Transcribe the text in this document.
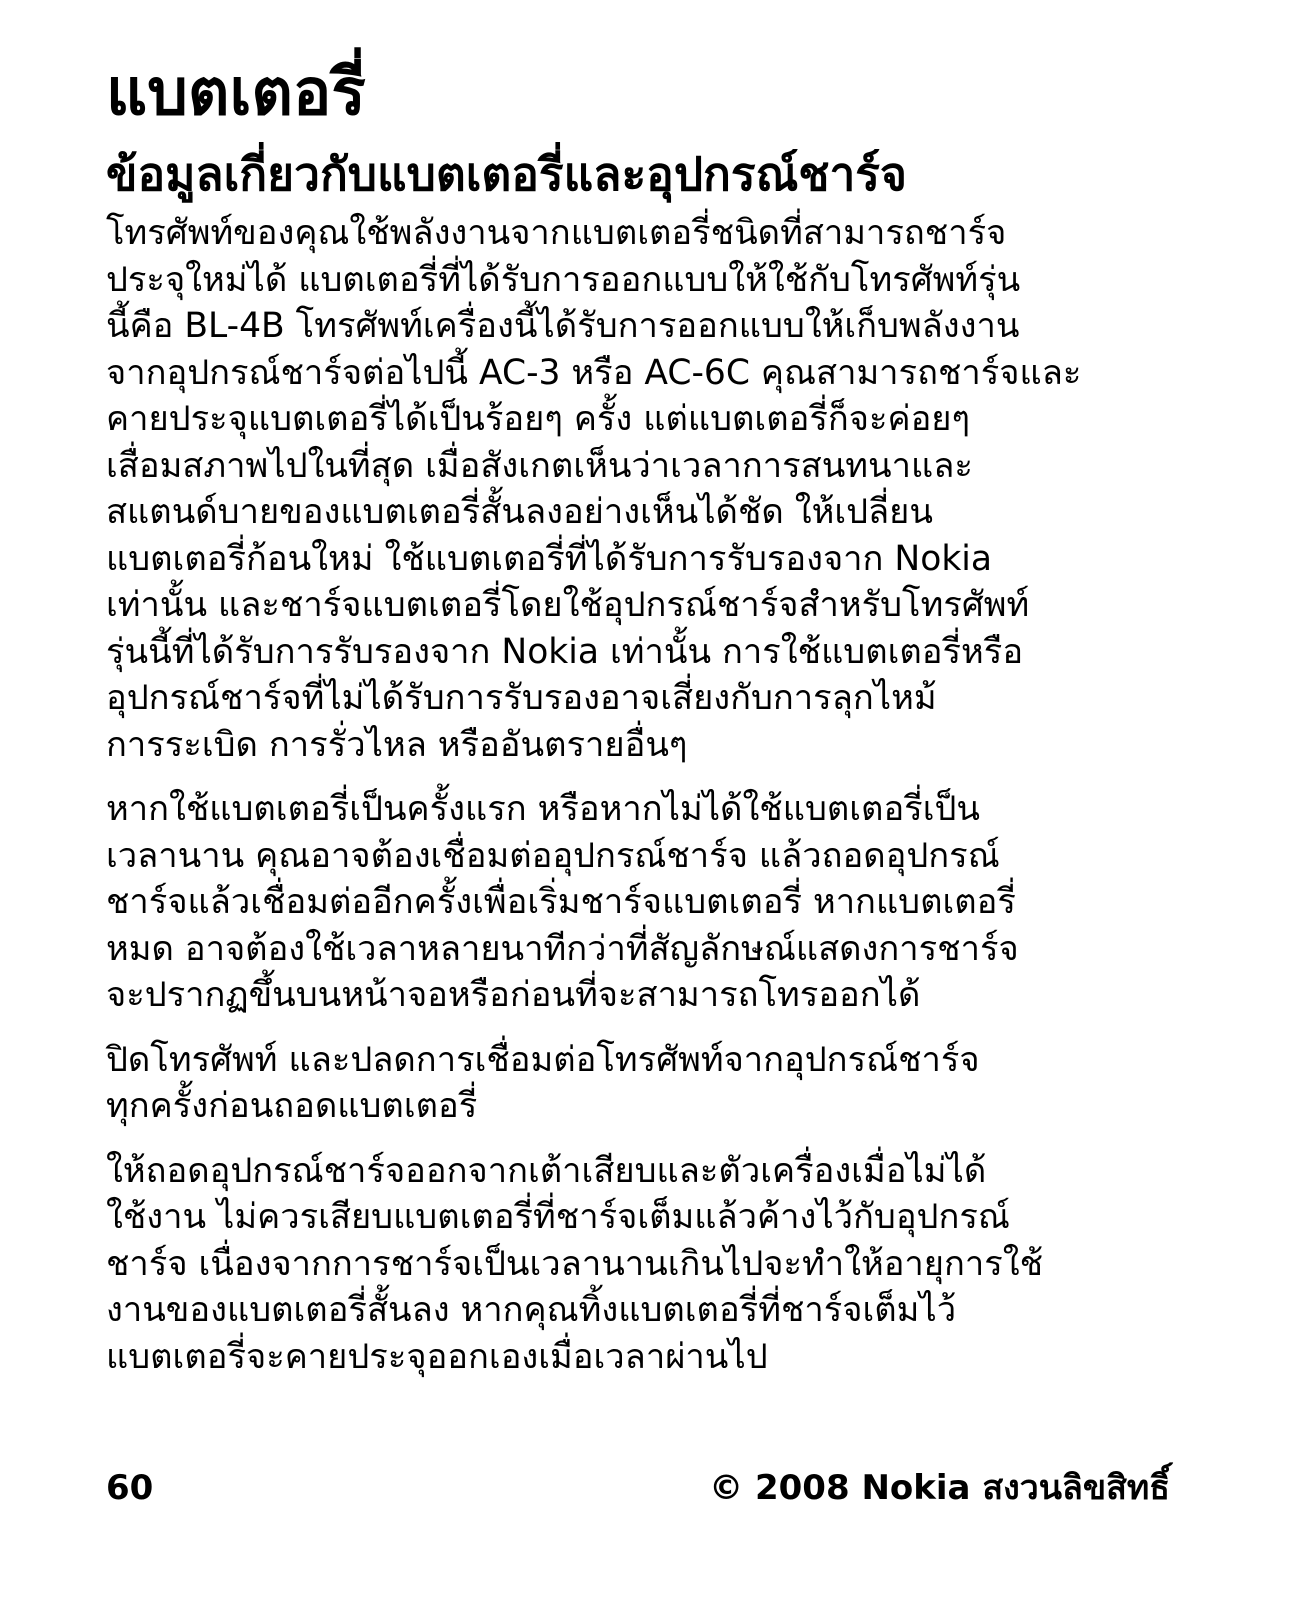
แบตเตอรี่
ข้อมูลเกี่ยวกับแบตเตอรี่และอุปกรณ์ชาร์จ
โทรศัพท์ของคุณใช้พลังงานจากแบตเตอรี่ชนิดที่สามารถชาร์จ
ประจุใหม่ได้ แบตเตอรี่ที่ได้รับการออกแบบให้ใช้กับโทรศัพท์รุ่น
นี้คือ BL-4B โทรศัพท์เครื่องนี้ได้รับการออกแบบให้เก็บพลังงาน
จากอุปกรณ์ชาร์จต่อไปนี้ AC-3 หรือ AC-6C คุณสามารถชาร์จและ
คายประจุแบตเตอรี่ได้เป็นร้อยๆ ครั้ง แต่แบตเตอรี่ก็จะค่อยๆ
เสื่อมสภาพไปในที่สุด เมื่อสังเกตเห็นว่าเวลาการสนทนาและ
สแตนด์บายของแบตเตอรี่สั้นลงอย่างเห็นได้ชัด ให้เปลี่ยน
แบตเตอรี่ก้อนใหม่ ใช้แบตเตอรี่ที่ได้รับการรับรองจาก Nokia
เท่านั้น และชาร์จแบตเตอรี่โดยใช้อุปกรณ์ชาร์จสำหรับโทรศัพท์
รุ่นนี้ที่ได้รับการรับรองจาก Nokia เท่านั้น การใช้แบตเตอรี่หรือ
อุปกรณ์ชาร์จที่ไม่ได้รับการรับรองอาจเสี่ยงกับการลุกไหม้
การระเบิด การรั่วไหล หรืออันตรายอื่นๆ
หากใช้แบตเตอรี่เป็นครั้งแรก หรือหากไม่ได้ใช้แบตเตอรี่เป็น
เวลานาน คุณอาจต้องเชื่อมต่ออุปกรณ์ชาร์จ แล้วถอดอุปกรณ์
ชาร์จแล้วเชื่อมต่ออีกครั้งเพื่อเริ่มชาร์จแบตเตอรี่ หากแบตเตอรี่
หมด อาจต้องใช้เวลาหลายนาทีกว่าที่สัญลักษณ์แสดงการชาร์จ
จะปรากฏขึ้นบนหน้าจอหรือก่อนที่จะสามารถโทรออกได้
ปิดโทรศัพท์ และปลดการเชื่อมต่อโทรศัพท์จากอุปกรณ์ชาร์จ
ทุกครั้งก่อนถอดแบตเตอรี่
ให้ถอดอุปกรณ์ชาร์จออกจากเต้าเสียบและตัวเครื่องเมื่อไม่ได้
ใช้งาน ไม่ควรเสียบแบตเตอรี่ที่ชาร์จเต็มแล้วค้างไว้กับอุปกรณ์
ชาร์จ เนื่องจากการชาร์จเป็นเวลานานเกินไปจะทำให้อายุการใช้
งานของแบตเตอรี่สั้นลง หากคุณทิ้งแบตเตอรี่ที่ชาร์จเต็มไว้
แบตเตอรี่จะคายประจุออกเองเมื่อเวลาผ่านไป
60	© 2008 Nokia สงวนลิขสิทธิ์
